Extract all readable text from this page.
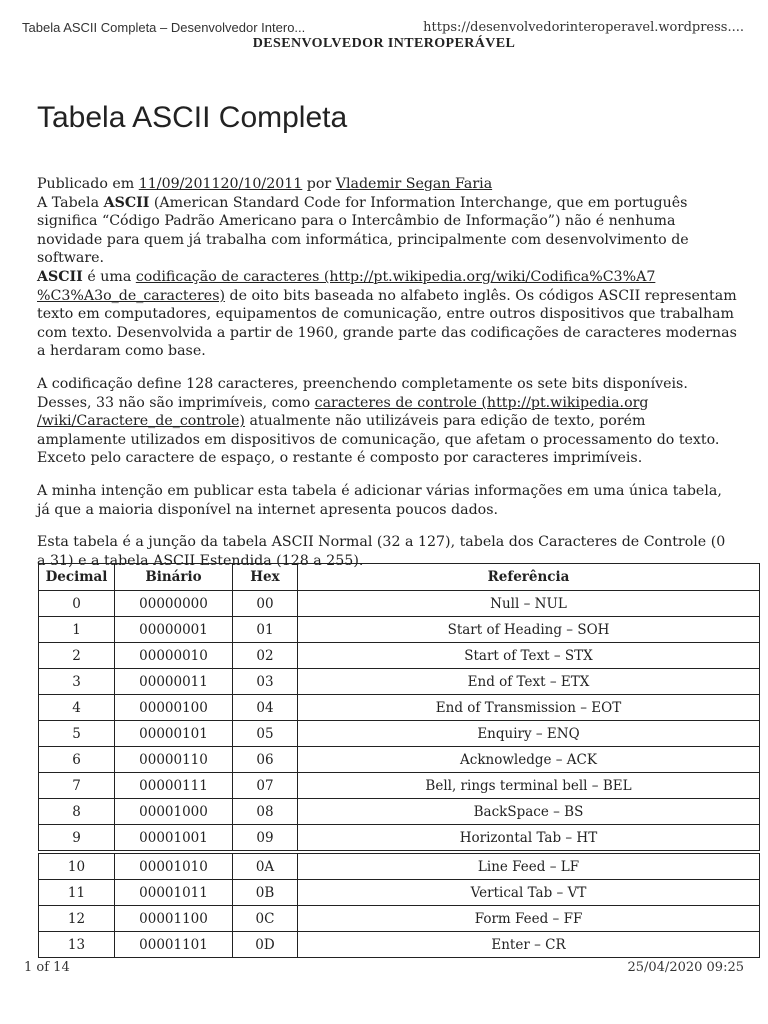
Tabela ASCII Completa – Desenvolvedor Intero...	https://desenvolvedorinteroperavel.wordpress....
DESENVOLVEDOR INTEROPERÁVEL
Tabela ASCII Completa

Publicado em 11/09/201120/10/2011 por Vlademir Segan Faria

A Tabela ASCII (American Standard Code for Information Interchange, que em português significa “Código Padrão Americano para o Intercâmbio de Informação”) não é nenhuma novidade para quem já trabalha com informática, principalmente com desenvolvimento de software.

ASCII é uma codificação de caracteres (http://pt.wikipedia.org/wiki/Codifica%C3%A7 %C3%A3o_de_caracteres) de oito bits baseada no alfabeto inglês. Os códigos ASCII representam texto em computadores, equipamentos de comunicação, entre outros dispositivos que trabalham com texto. Desenvolvida a partir de 1960, grande parte das codificações de caracteres modernas a herdaram como base.

A codificação define 128 caracteres, preenchendo completamente os sete bits disponíveis. Desses, 33 não são imprimíveis, como caracteres de controle (http://pt.wikipedia.org /wiki/Caractere_de_controle) atualmente não utilizáveis para edição de texto, porém amplamente utilizados em dispositivos de comunicação, que afetam o processamento do texto. Exceto pelo caractere de espaço, o restante é composto por caracteres imprimíveis.

A minha intenção em publicar esta tabela é adicionar várias informações em uma única tabela, já que a maioria disponível na internet apresenta poucos dados.

Esta tabela é a junção da tabela ASCII Normal (32 a 127), tabela dos Caracteres de Controle (0 a 31) e a tabela ASCII Estendida (128 a 255).

Decimal	Binário	Hex	Referência
0	00000000	00	Null – NUL
1	00000001	01	Start of Heading – SOH
2	00000010	02	Start of Text – STX
3	00000011	03	End of Text – ETX
4	00000100	04	End of Transmission – EOT
5	00000101	05	Enquiry – ENQ
6	00000110	06	Acknowledge – ACK
7	00000111	07	Bell, rings terminal bell – BEL
8	00001000	08	BackSpace – BS
9	00001001	09	Horizontal Tab – HT

10	00001010	0A	Line Feed – LF
11	00001011	0B	Vertical Tab – VT
12	00001100	0C	Form Feed – FF
13	00001101	0D	Enter – CR
1 of 14	25/04/2020 09:25
